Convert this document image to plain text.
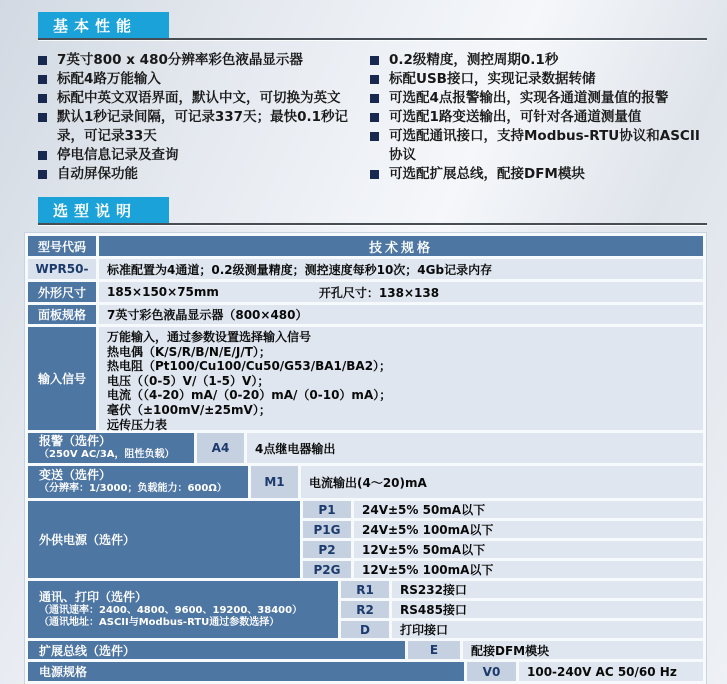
基本性能
7英寸800 x 480分辨率彩色液晶显示器
标配4路万能输入
标配中英文双语界面，默认中文，可切换为英文
默认1秒记录间隔，可记录337天；最快0.1秒记录，可记录33天
停电信息记录及查询
自动屏保功能
0.2级精度，测控周期0.1秒
标配USB接口，实现记录数据转储
可选配4点报警输出，实现各通道测量值的报警
可选配1路变送输出，可针对各通道测量值
可选配通讯接口，支持Modbus-RTU协议和ASCII协议
可选配扩展总线，配接DFM模块
选型说明
型号代码	技术规格
WPR50-	标准配置为4通道；0.2级测量精度；测控速度每秒10次；4Gb记录内存
外形尺寸	185×150×75mm	开孔尺寸：138×138
面板规格	7英寸彩色液晶显示器（800×480）
输入信号
万能输入，通过参数设置选择输入信号
热电偶（K/S/R/B/N/E/J/T）；
热电阻（Pt100/Cu100/Cu50/G53/BA1/BA2）；
电压（（0-5）V/（1-5）V）；
电流（（4-20）mA/（0-20）mA/（0-10）mA）；
毫伏（±100mV/±25mV）；
远传压力表
报警（选件）
（250V AC/3A，阻性负载）	A4	4点继电器输出
变送（选件）
（分辨率：1/3000；负载能力：600Ω）	M1	电流输出(4～20)mA
外供电源（选件）
P1	24V±5% 50mA以下
P1G	24V±5% 100mA以下
P2	12V±5% 50mA以下
P2G	12V±5% 100mA以下
通讯、打印（选件）
（通讯速率：2400、4800、9600、19200、38400）
（通讯地址：ASCII与Modbus-RTU通过参数选择）
R1	RS232接口
R2	RS485接口
D	打印接口
扩展总线（选件）	E	配接DFM模块
电源规格	V0	100-240V AC 50/60 Hz
